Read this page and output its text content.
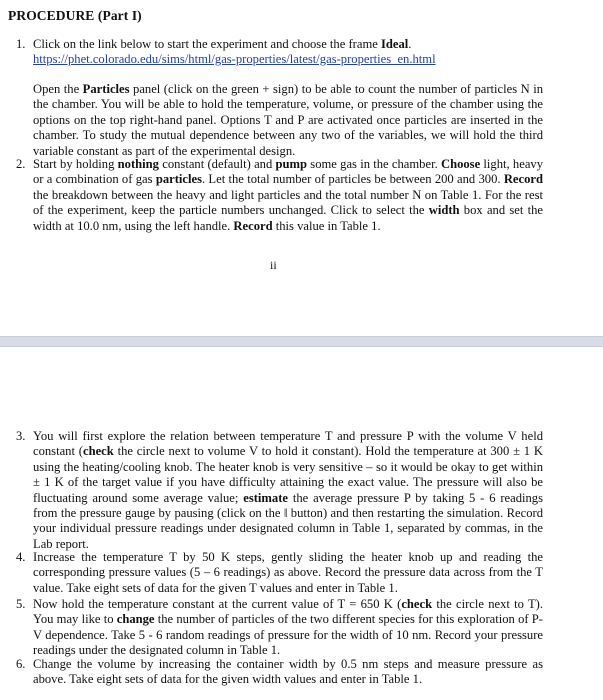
PROCEDURE (Part I)
1. Click on the link below to start the experiment and choose the frame Ideal.
https://phet.colorado.edu/sims/html/gas-properties/latest/gas-properties_en.html
Open the Particles panel (click on the green + sign) to be able to count the number of particles N in the chamber. You will be able to hold the temperature, volume, or pressure of the chamber using the options on the top right-hand panel. Options T and P are activated once particles are inserted in the chamber. To study the mutual dependence between any two of the variables, we will hold the third variable constant as part of the experimental design.
2. Start by holding nothing constant (default) and pump some gas in the chamber. Choose light, heavy or a combination of gas particles. Let the total number of particles be between 200 and 300. Record the breakdown between the heavy and light particles and the total number N on Table 1. For the rest of the experiment, keep the particle numbers unchanged. Click to select the width box and set the width at 10.0 nm, using the left handle. Record this value in Table 1.
ii
3. You will first explore the relation between temperature T and pressure P with the volume V held constant (check the circle next to volume V to hold it constant). Hold the temperature at 300 ± 1 K using the heating/cooling knob. The heater knob is very sensitive – so it would be okay to get within ± 1 K of the target value if you have difficulty attaining the exact value. The pressure will also be fluctuating around some average value; estimate the average pressure P by taking 5 - 6 readings from the pressure gauge by pausing (click on the ‖ button) and then restarting the simulation. Record your individual pressure readings under designated column in Table 1, separated by commas, in the Lab report.
4. Increase the temperature T by 50 K steps, gently sliding the heater knob up and reading the corresponding pressure values (5 – 6 readings) as above. Record the pressure data across from the T value. Take eight sets of data for the given T values and enter in Table 1.
5. Now hold the temperature constant at the current value of T = 650 K (check the circle next to T). You may like to change the number of particles of the two different species for this exploration of P-V dependence. Take 5 - 6 random readings of pressure for the width of 10 nm. Record your pressure readings under the designated column in Table 1.
6. Change the volume by increasing the container width by 0.5 nm steps and measure pressure as above. Take eight sets of data for the given width values and enter in Table 1.
